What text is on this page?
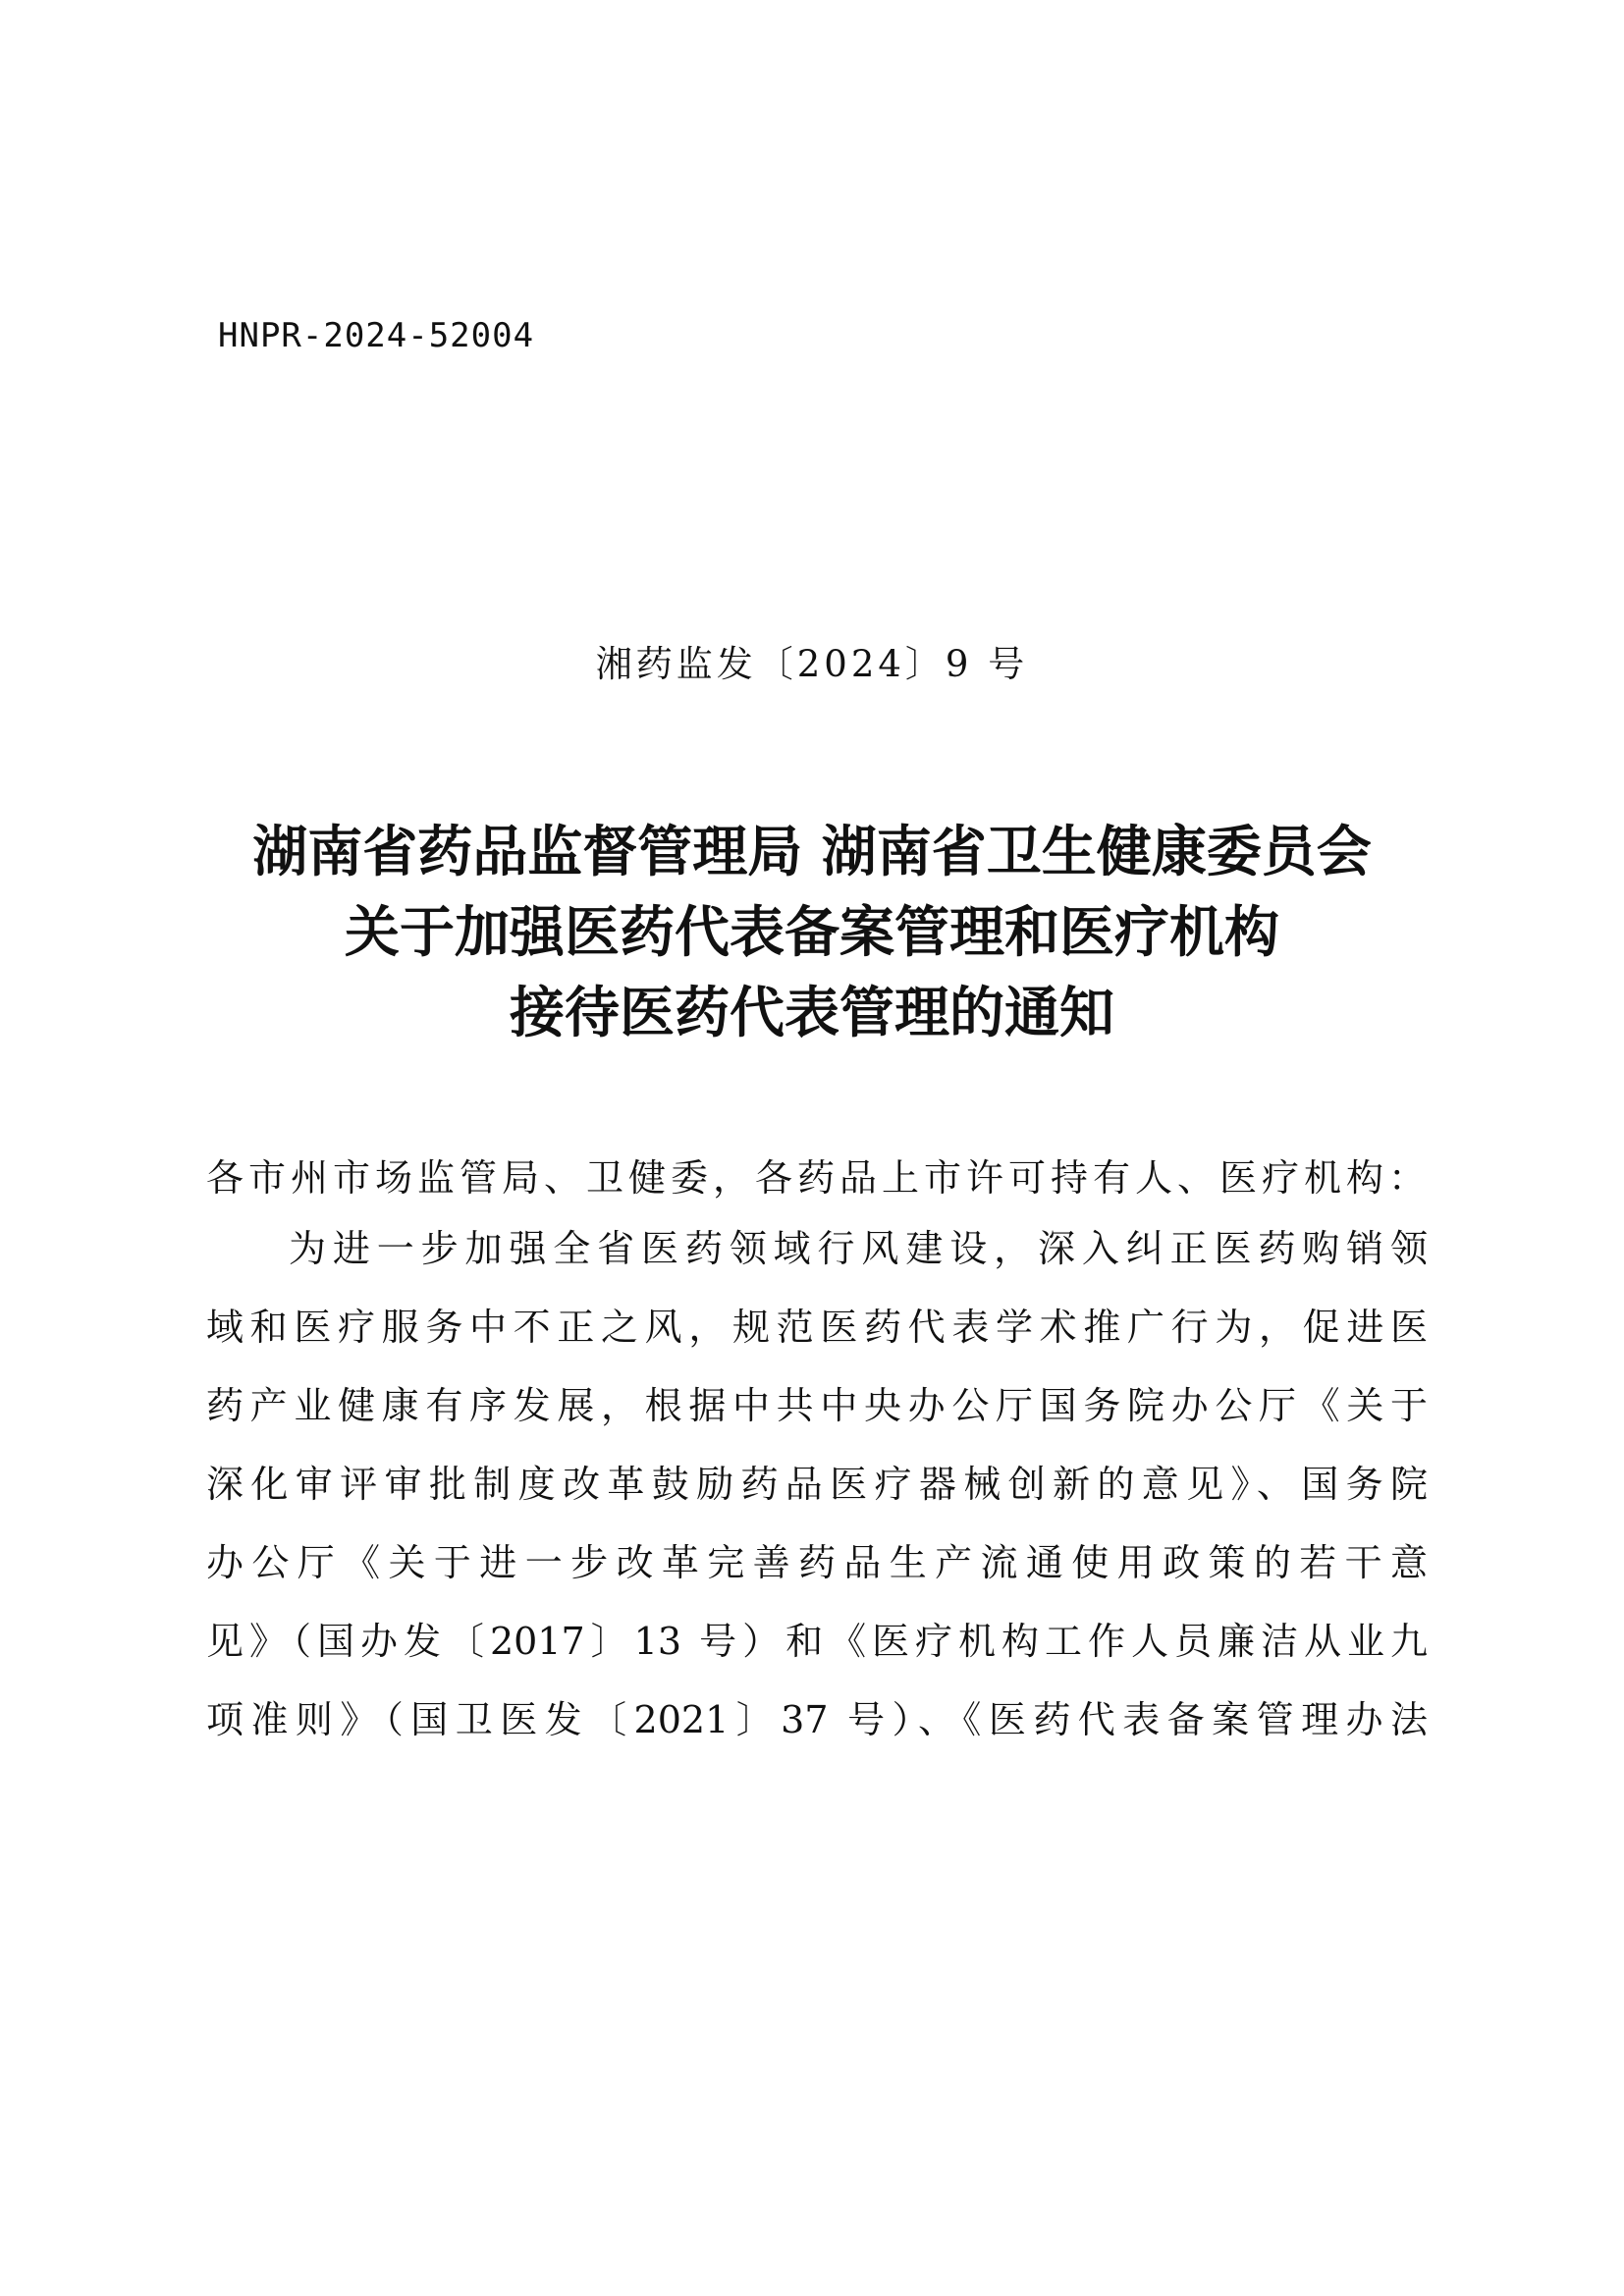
HNPR-2024-52004
湘药监发〔2024〕9 号
湖南省药品监督管理局 湖南省卫生健康委员会
关于加强医药代表备案管理和医疗机构
接待医药代表管理的通知
各市州市场监管局、卫健委，各药品上市许可持有人、医疗机构：
为进一步加强全省医药领域行风建设，深入纠正医药购销领
域和医疗服务中不正之风，规范医药代表学术推广行为，促进医
药产业健康有序发展，根据中共中央办公厅国务院办公厅《关于
深化审评审批制度改革鼓励药品医疗器械创新的意见》、国务院
办公厅《关于进一步改革完善药品生产流通使用政策的若干意
见》（国办发〔2017〕13 号）和《医疗机构工作人员廉洁从业九
项准则》（国卫医发〔2021〕37 号）、《医药代表备案管理办法
